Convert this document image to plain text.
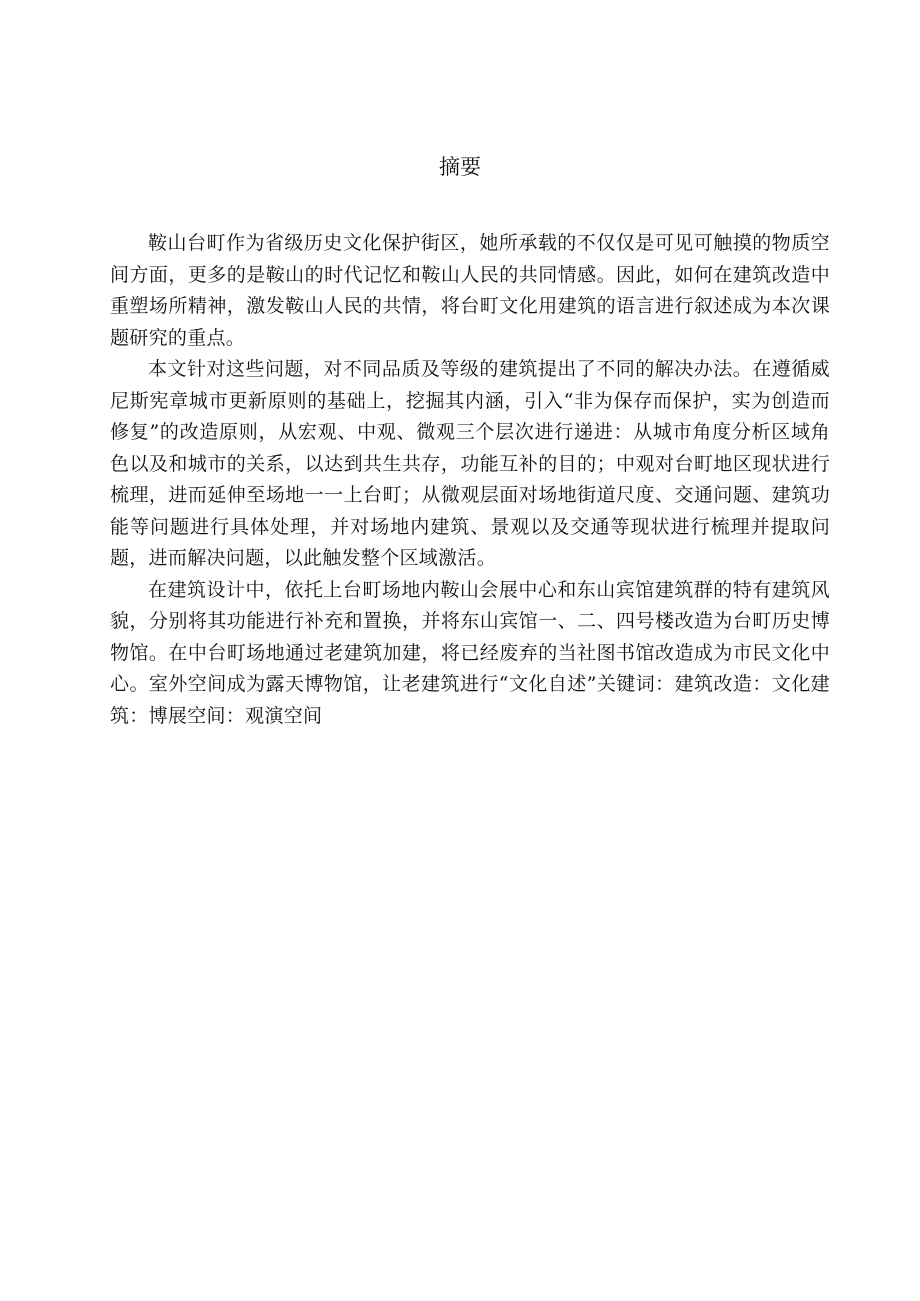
摘要

鞍山台町作为省级历史文化保护街区，她所承载的不仅仅是可见可触摸的物质空间方面，更多的是鞍山的时代记忆和鞍山人民的共同情感。因此，如何在建筑改造中重塑场所精神，激发鞍山人民的共情，将台町文化用建筑的语言进行叙述成为本次课题研究的重点。

本文针对这些问题，对不同品质及等级的建筑提出了不同的解决办法。在遵循威尼斯宪章城市更新原则的基础上，挖掘其内涵，引入“非为保存而保护，实为创造而修复”的改造原则，从宏观、中观、微观三个层次进行递进：从城市角度分析区域角色以及和城市的关系，以达到共生共存，功能互补的目的；中观对台町地区现状进行梳理，进而延伸至场地一一上台町；从微观层面对场地街道尺度、交通问题、建筑功能等问题进行具体处理，并对场地内建筑、景观以及交通等现状进行梳理并提取问题，进而解决问题，以此触发整个区域激活。

在建筑设计中，依托上台町场地内鞍山会展中心和东山宾馆建筑群的特有建筑风貌，分别将其功能进行补充和置换，并将东山宾馆一、二、四号楼改造为台町历史博物馆。在中台町场地通过老建筑加建，将已经废弃的当社图书馆改造成为市民文化中心。室外空间成为露天博物馆，让老建筑进行“文化自述”关键词：建筑改造：文化建筑：博展空间：观演空间
